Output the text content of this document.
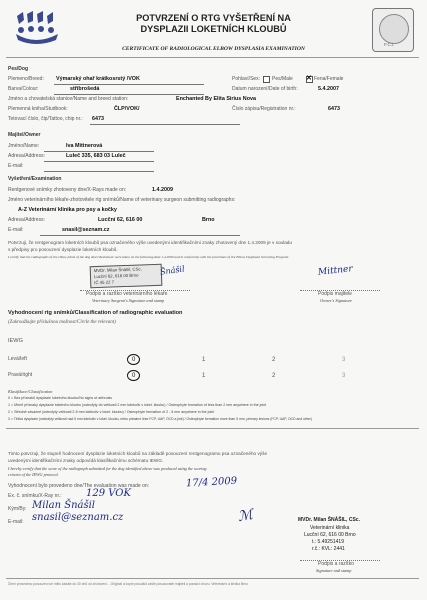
F.C.I.
POTVRZENÍ O RTG VYŠETŘENÍ NA
DYSPLAZII LOKETNÍCH KLOUBŮ
CERTIFICATE OF RADIOLOGICAL ELBOW DYSPLASIA EXAMINATION
Pes/Dog
Plemeno/Breed: Výmarský ohař krátkosrstý /VOK	Pohlaví/Sex: Pes/Male	Fena/Female
✕
Barva/Colour:	stříbrošedá	Datum narození/Date of birth:	5.4.2007
Jméno a chovatelská stanice/Name and breed station:	Enchanted By Elita Sirius Nova
Plemenná kniha/Studbook:	ČLP/VOK/	Číslo zápisu/Registration nr.:	6473
Tetovací číslo, čip/Tattoo, chip nr.: 6473
Majitel/Owner
Jméno/Name:	Iva Mittnerová
Adresa/Address:	Luleč 335, 683 03 Luleč
E-mail:
Vyšetření/Examination
Rentgenové snímky zhotoveny dne/X-Rays made on:	1.4.2009
Jméno veterinárního lékaře-zhotovitele rtg snímků/Name of veterinary surgeon submitting radiographs:
A-Z Veterinární klinika pro psy a kočky
Adresa/Address:	Lucční 62, 616 00	Brno
E-mail:	snasil@seznam.cz
Potvrzuji, že rentgenogram loketních kloubů psa označeného výše uvedenými identifikačními znaky zhotovený dne 1.4.2009 je v souladu
s předpisy pro posouzení dysplazie loketních kloubů.
I certify that the radiographs of the elbow joints of the dog described above were taken on the following date 1.4.2009 and in conformity with the provisions of the Elbow Dysplasia Screening Program.
MVDr. Milan Šnášil, CSc.
Lucční 62, 616 00 Brno
IČ 45 22 7
Šnášil	Mittner
Podpis a razítko veterinárního lékaře
Veterinary Surgeon's Signature and stamp
Podpis majitele
Owner's Signature
Vyhodnocení rtg snímků/Classification of radiographic evaluation
(Zakroužkujte příslušnou možnost/Circle the relevant)
IEWG
Levá/left	0	1	2	3
Pravá/right	0	1	2	3
Klasifikace/Classification
0 = Bez příznaků dysplazie loketního kloubu/No signs of arthrosis
1 = Mírně příznaky dysplazie loketního kloubu (osteofyty do velikosti 2 mm kdekoliv v loket. kloubu) / Osteophyte formation of less than 2 mm anywhere in the joint
2 = Středně závažné (osteofyty velikosti 2-5 mm kdekoliv v loket. kloubu) / Osteophyte formation of 2 - 5 mm anywhere in the joint
3 = Těžká dysplazie (osteofyty velikosti nad 5 mm kdekoliv v loket. kloubu, nebo primární léze FCP, UAP, OCD a jiné) / Osteophyte formation more than 5 mm, primary lesions (FCP, UAP, OCD and other)
Timto potvrzuji, že stupeň hodnocení dysplazie loketních kloubů na základě posouzení rentgenogramu psa označeného výše
uvedenými identifikačními znaky odpovídá klasifikačnímu schématu IEWG.
I hereby certify that the score of the radiograph submitted for the dog identified above was produced using the scoring
criteria of the IEWG protocol.
Vyhodnocení bylo provedeno dne/The evaluation was made on:	17/4 2009
Ex. č. snímku/X-Ray nr.: 129 VOK
Kým/By: Milan Šnášil
E-mail: snasil@seznam.cz	ℳ	MVDr. Milan ŠNÁŠIL, CSc.
Veterinární klinika
Lucční 62, 616 00 Brno
t.: 5.49251419
r.č.: KVL: 2441
Podpis a razítko
Signature and stamp
Čtení provedeno posouzení se mělo zadále do 30 dnů od zhotovení... Originál a kopie posudků zašle posuzovatel majiteli a poradci chovu. Veterinární a klinika Brno
